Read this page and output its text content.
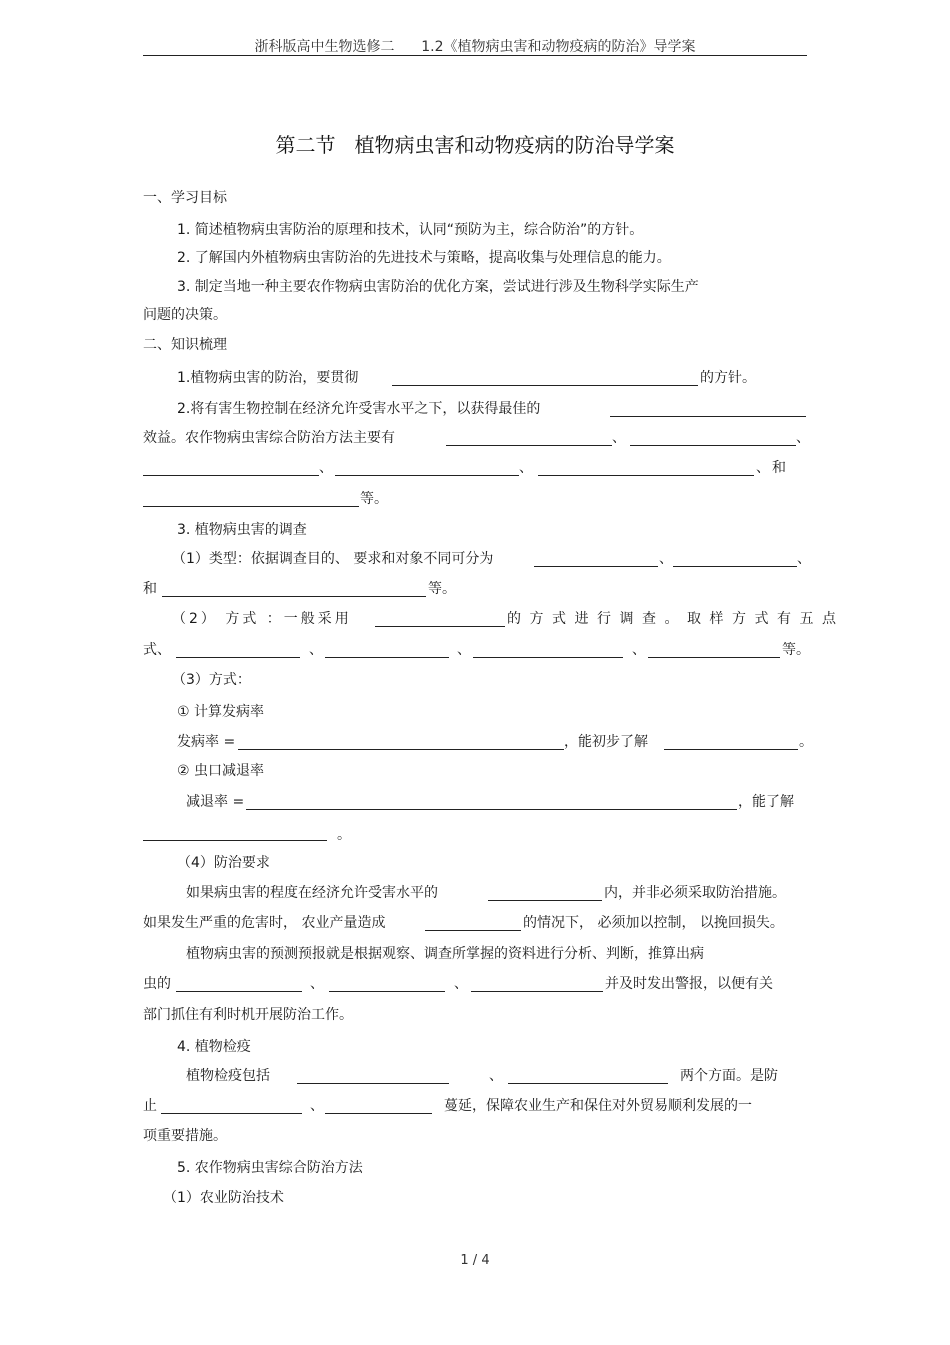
浙科版高中生物选修二 1.2《植物病虫害和动物疫病的防治》导学案
第二节   植物病虫害和动物疫病的防治导学案
一、学习目标
1. 简述植物病虫害防治的原理和技术，认同“预防为主，综合防治”的方针。
2. 了解国内外植物病虫害防治的先进技术与策略，提高收集与处理信息的能力。
3. 制定当地一种主要农作物病虫害防治的优化方案，尝试进行涉及生物科学实际生产
问题的决策。
二、知识梳理
1.植物病虫害的防治，要贯彻	的方针。
2.将有害生物控制在经济允许受害水平之下，以获得最佳的
效益。农作物病虫害综合防治方法主要有	、	、
、	、	、 和
等。
3. 植物病虫害的调查
（1）类型：依据调查目的、 要求和对象不同可分为	、	、
和	等。
（2） 方式 ：一般采用	的方式进行调查。取样方式有五点
式、	、	、	、	等。
（3）方式：
① 计算发病率
发病率 =	，能初步了解	。
② 虫口减退率
减退率 =	，能了解
。
（4）防治要求
如果病虫害的程度在经济允许受害水平的	内，并非必须采取防治措施。
如果发生严重的危害时， 农业产量造成	的情况下， 必须加以控制， 以挽回损失。
植物病虫害的预测预报就是根据观察、调查所掌握的资料进行分析、判断，推算出病
虫的	、	、	并及时发出警报，以便有关
部门抓住有利时机开展防治工作。
4. 植物检疫
植物检疫包括	、	两个方面。是防
止	、	蔓延，保障农业生产和保住对外贸易顺利发展的一
项重要措施。
5. 农作物病虫害综合防治方法
（1）农业防治技术
1 / 4
